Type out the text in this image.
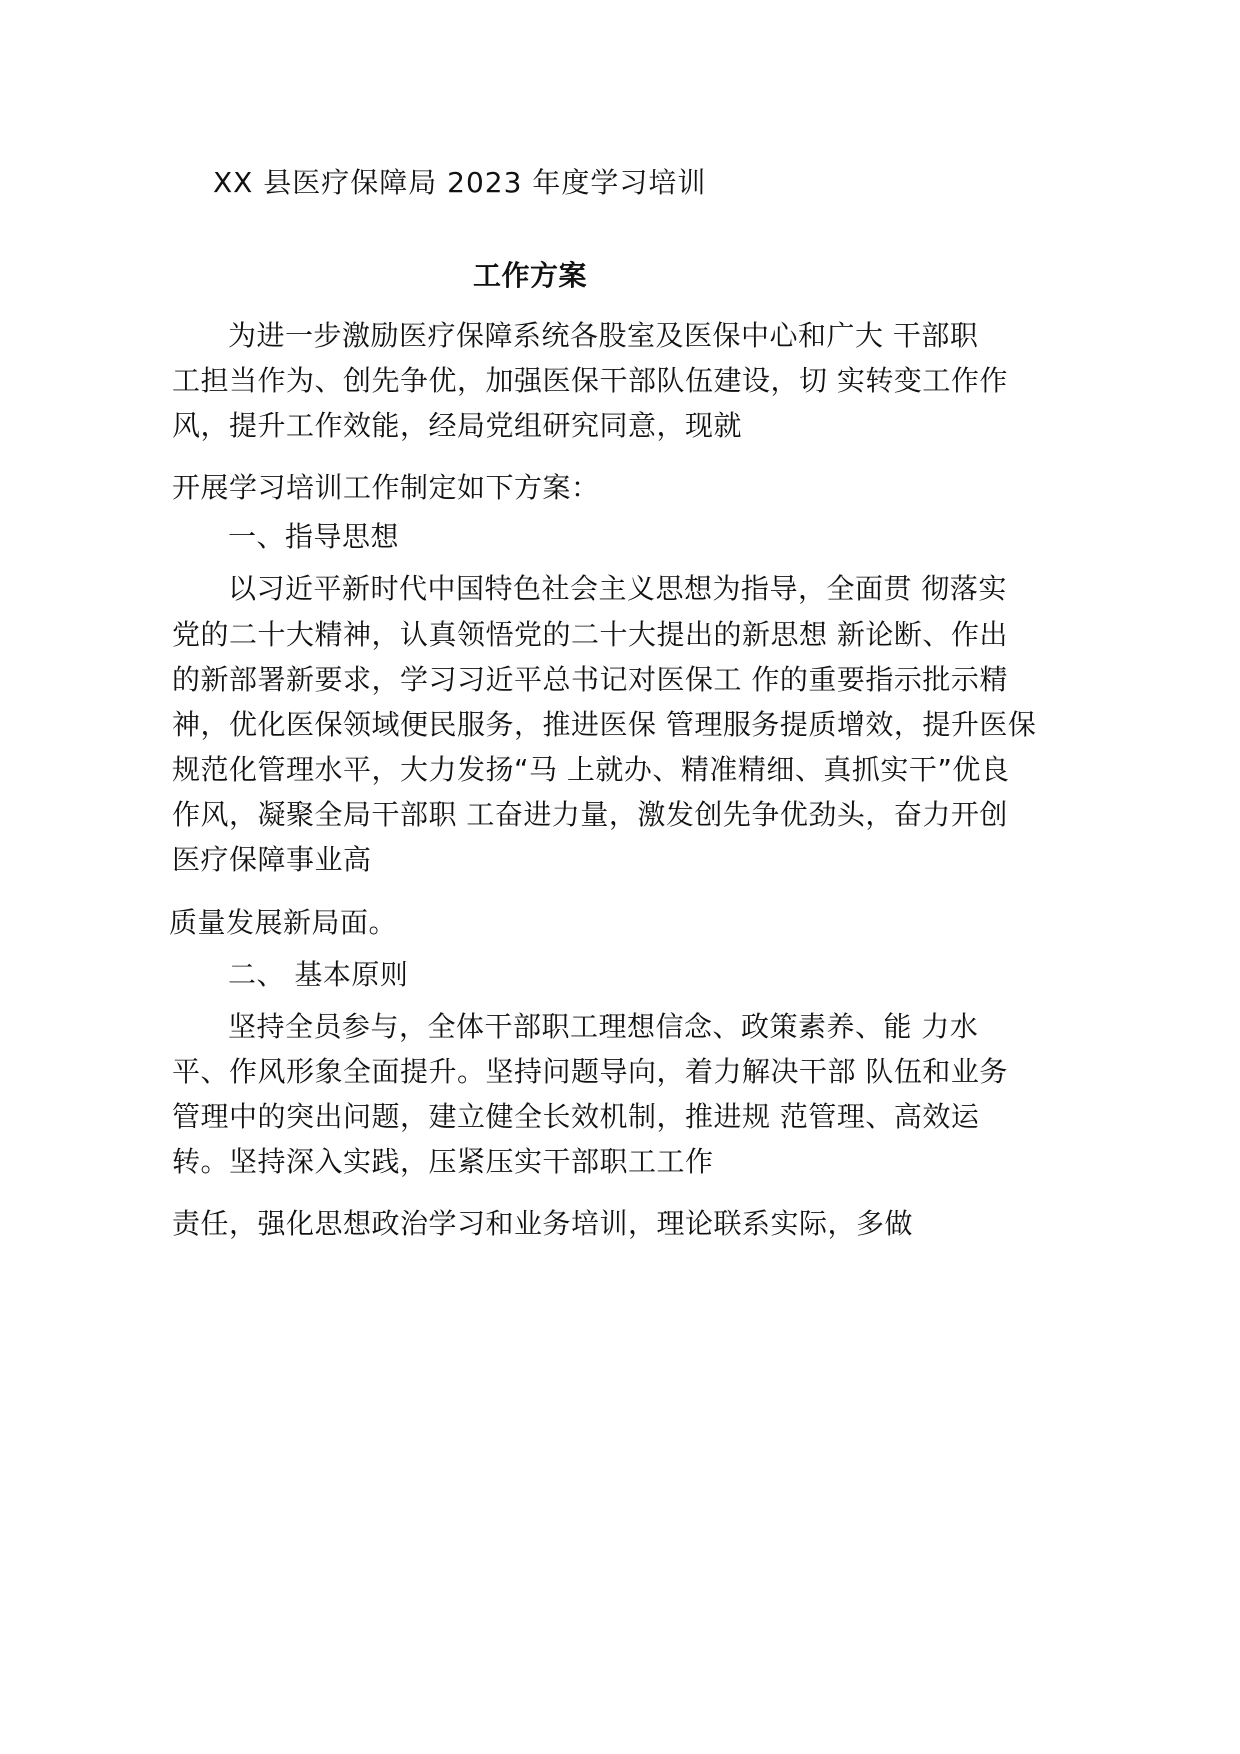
XX 县医疗保障局 2023 年度学习培训

工作方案

为进一步激励医疗保障系统各股室及医保中心和广大 干部职

工担当作为、创先争优，加强医保干部队伍建设，切 实转变工作作

风，提升工作效能，经局党组研究同意，现就

开展学习培训工作制定如下方案：

一、指导思想

以习近平新时代中国特色社会主义思想为指导，全面贯 彻落实

党的二十大精神，认真领悟党的二十大提出的新思想 新论断、作出

的新部署新要求，学习习近平总书记对医保工 作的重要指示批示精

神，优化医保领域便民服务，推进医保 管理服务提质增效，提升医保

规范化管理水平，大力发扬“马 上就办、精准精细、真抓实干”优良

作风，凝聚全局干部职 工奋进力量，激发创先争优劲头，奋力开创

医疗保障事业高

质量发展新局面。

二、 基本原则

坚持全员参与，全体干部职工理想信念、政策素养、能 力水

平、作风形象全面提升。坚持问题导向，着力解决干部 队伍和业务

管理中的突出问题，建立健全长效机制，推进规 范管理、高效运

转。坚持深入实践，压紧压实干部职工工作

责任，强化思想政治学习和业务培训，理论联系实际，多做
